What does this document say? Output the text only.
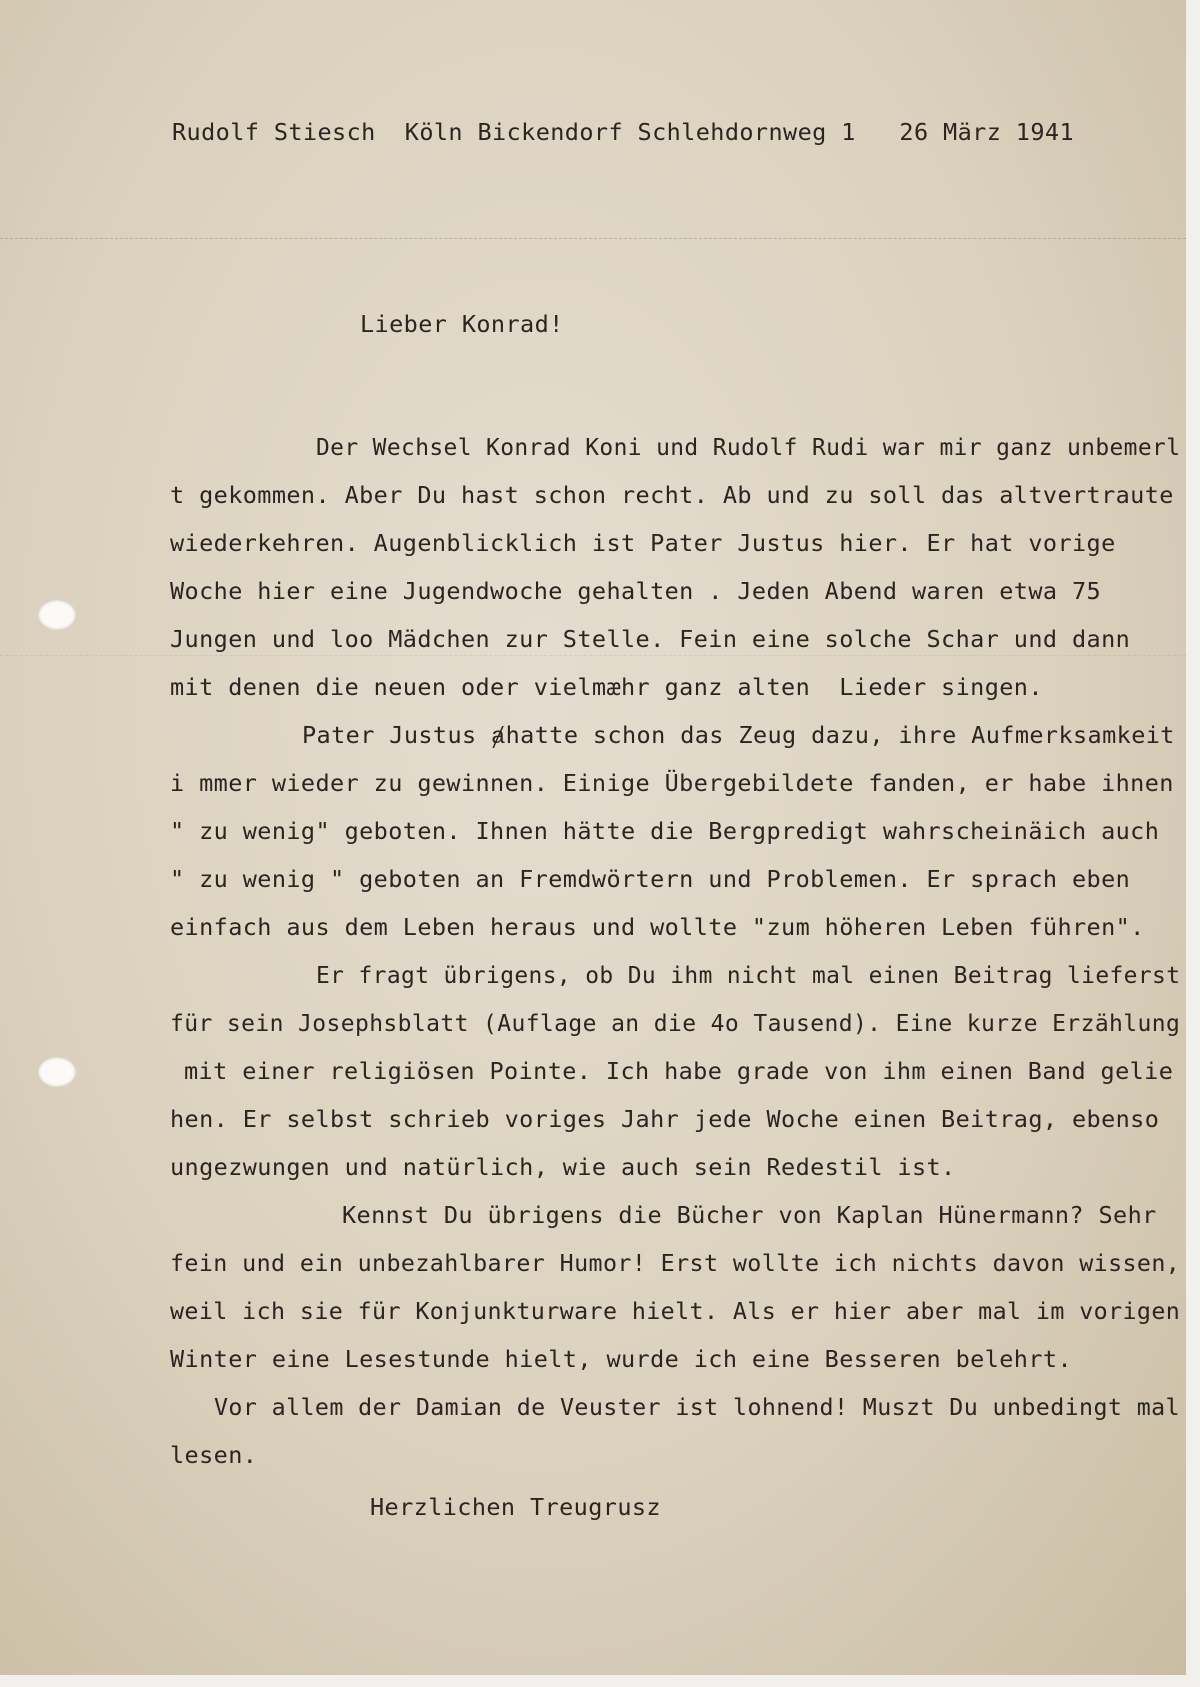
Rudolf Stiesch  Köln Bickendorf Schlehdornweg 1   26 März 1941
Lieber Konrad!
Der Wechsel Konrad Koni und Rudolf Rudi war mir ganz unbemerl
t gekommen. Aber Du hast schon recht. Ab und zu soll das altvertraute
wiederkehren. Augenblicklich ist Pater Justus hier. Er hat vorige
Woche hier eine Jugendwoche gehalten . Jeden Abend waren etwa 75
Jungen und loo Mädchen zur Stelle. Fein eine solche Schar und dann
mit denen die neuen oder vielmæhr ganz alten  Lieder singen.
Pater Justus ⱥhatte schon das Zeug dazu, ihre Aufmerksamkeit
i mmer wieder zu gewinnen. Einige Übergebildete fanden, er habe ihnen
" zu wenig" geboten. Ihnen hätte die Bergpredigt wahrscheinäich auch
" zu wenig " geboten an Fremdwörtern und Problemen. Er sprach eben
einfach aus dem Leben heraus und wollte "zum höheren Leben führen".
Er fragt übrigens, ob Du ihm nicht mal einen Beitrag lieferst
für sein Josephsblatt (Auflage an die 4o Tausend). Eine kurze Erzählung
mit einer religiösen Pointe. Ich habe grade von ihm einen Band gelie
hen. Er selbst schrieb voriges Jahr jede Woche einen Beitrag, ebenso
ungezwungen und natürlich, wie auch sein Redestil ist.
Kennst Du übrigens die Bücher von Kaplan Hünermann? Sehr
fein und ein unbezahlbarer Humor! Erst wollte ich nichts davon wissen,
weil ich sie für Konjunkturware hielt. Als er hier aber mal im vorigen
Winter eine Lesestunde hielt, wurde ich eine Besseren belehrt.
Vor allem der Damian de Veuster ist lohnend! Muszt Du unbedingt mal
lesen.
Herzlichen Treugrusz
